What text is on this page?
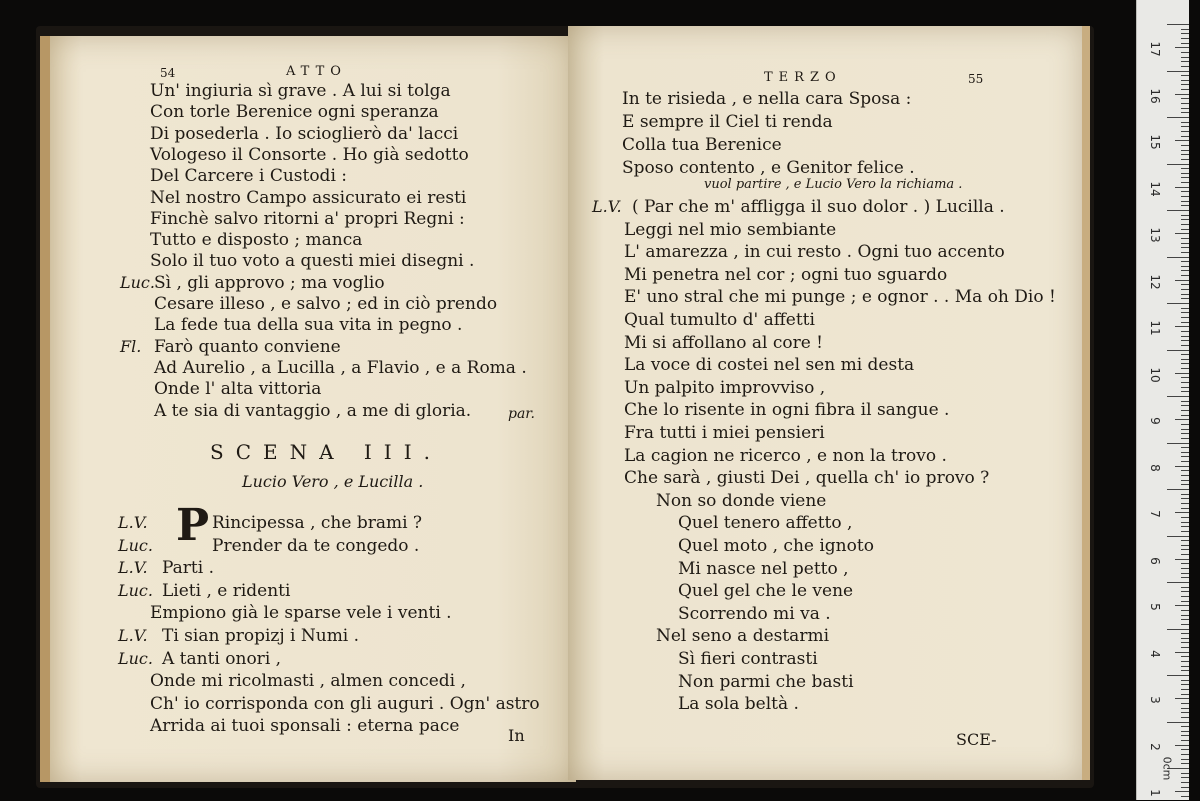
54	ATTO
Un' ingiuria sì grave . A lui si tolga
Con torle Berenice ogni speranza
Di posederla . Io scioglierò da' lacci
Vologeso il Consorte . Ho già sedotto
Del Carcere i Custodi :
Nel nostro Campo assicurato ei resti
Finchè salvo ritorni a' propri Regni :
Tutto e disposto ; manca
Solo il tuo voto a questi miei disegni .
Luc. Sì , gli approvo ; ma voglio
Cesare illeso , e salvo ; ed in ciò prendo
La fede tua della sua vita in pegno .
Fl. Farò quanto conviene
Ad Aurelio , a Lucilla , a Flavio , e a Roma .
Onde l' alta vittoria
A te sia di vantaggio , a me di gloria.	par.
SCENA III.
Lucio Vero , e Lucilla .
P
L.V.	Rincipessa , che brami ?
Luc.	Prender da te congedo .
L.V. Parti .
Luc. Lieti , e ridenti
Empiono già le sparse vele i venti .
L.V. Ti sian propizj i Numi .
Luc. A tanti onori ,
Onde mi ricolmasti , almen concedi ,
Ch' io corrisponda con gli auguri . Ogn' astro
Arrida ai tuoi sponsali : eterna pace	In
TERZO	55
In te risieda , e nella cara Sposa :
E sempre il Ciel ti renda
Colla tua Berenice
Sposo contento , e Genitor felice .
vuol partire , e Lucio Vero la richiama .
L.V. ( Par che m' affligga il suo dolor . ) Lucilla .
Leggi nel mio sembiante
L' amarezza , in cui resto . Ogni tuo accento
Mi penetra nel cor ; ogni tuo sguardo
E' uno stral che mi punge ; e ognor . . Ma oh Dio !
Qual tumulto d' affetti
Mi si affollano al core !
La voce di costei nel sen mi desta
Un palpito improvviso ,
Che lo risente in ogni fibra il sangue .
Fra tutti i miei pensieri
La cagion ne ricerco , e non la trovo .
Che sarà , giusti Dei , quella ch' io provo ?
Non so donde viene
Quel tenero affetto ,
Quel moto , che ignoto
Mi nasce nel petto ,
Quel gel che le vene
Scorrendo mi va .
Nel seno a destarmi
Sì fieri contrasti
Non parmi che basti
La sola beltà .
SCE-
17
16
15
14
13
12
11
10
9
8
7
6
5
4
3
2
1
0cm
